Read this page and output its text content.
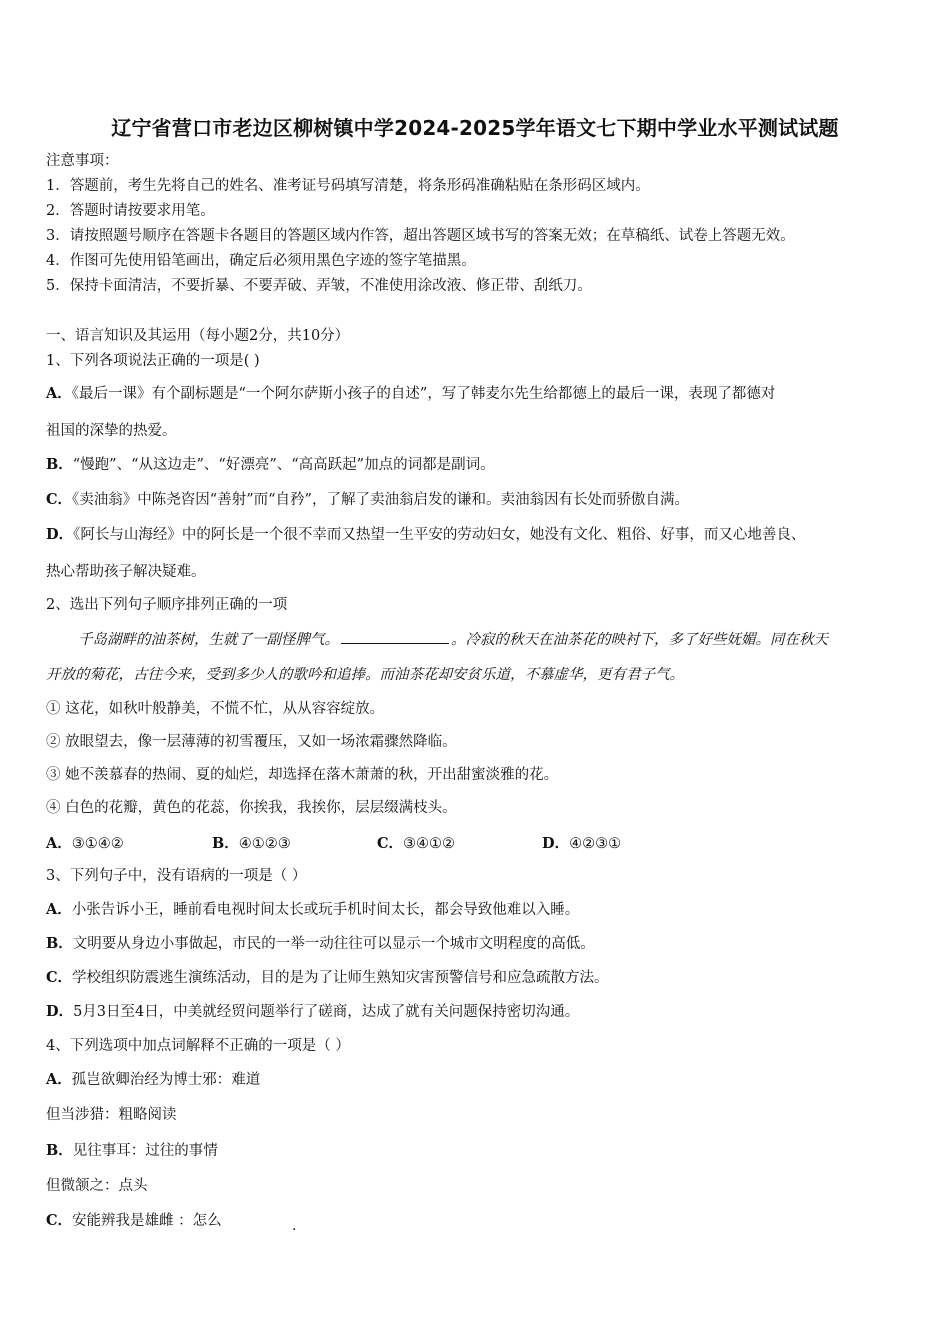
辽宁省营口市老边区柳树镇中学2024-2025学年语文七下期中学业水平测试试题
注意事项：
1．答题前，考生先将自己的姓名、准考证号码填写清楚，将条形码准确粘贴在条形码区域内。
2．答题时请按要求用笔。
3．请按照题号顺序在答题卡各题目的答题区域内作答，超出答题区域书写的答案无效；在草稿纸、试卷上答题无效。
4．作图可先使用铅笔画出，确定后必须用黑色字迹的签字笔描黑。
5．保持卡面清洁，不要折暴、不要弄破、弄皱，不准使用涂改液、修正带、刮纸刀。
一、语言知识及其运用（每小题2分，共10分）
1、下列各项说法正确的一项是( )
A．《最后一课》有个副标题是“一个阿尔萨斯小孩子的自述”，写了韩麦尔先生给都德上的最后一课，表现了都德对
祖国的深挚的热爱。
B．“慢跑”、“从这边走”、“好漂亮”、“高高跃起”加点的词都是副词。
C．《卖油翁》中陈尧咨因“善射”而“自矜”，了解了卖油翁启发的谦和。卖油翁因有长处而骄傲自满。
D．《阿长与山海经》中的阿长是一个很不幸而又热望一生平安的劳动妇女，她没有文化、粗俗、好事，而又心地善良、
热心帮助孩子解决疑难。
2、选出下列句子顺序排列正确的一项
千岛湖畔的油茶树，生就了一副怪脾气。	。冷寂的秋天在油茶花的映衬下，多了好些妩媚。同在秋天
开放的菊花，古往今来，受到多少人的歌吟和追捧。而油茶花却安贫乐道，不慕虚华，更有君子气。
① 这花，如秋叶般静美，不慌不忙，从从容容绽放。
② 放眼望去，像一层薄薄的初雪覆压，又如一场浓霜骤然降临。
③ 她不羡慕春的热闹、夏的灿烂，却选择在落木萧萧的秋，开出甜蜜淡雅的花。
④ 白色的花瓣，黄色的花蕊，你挨我，我挨你，层层缀满枝头。
A．③①④②	B．④①②③	C．③④①②	D．④②③①
3、下列句子中，没有语病的一项是（ ）
A．小张告诉小王，睡前看电视时间太长或玩手机时间太长，都会导致他难以入睡。
B．文明要从身边小事做起，市民的一举一动往往可以显示一个城市文明程度的高低。
C．学校组织防震逃生演练活动，目的是为了让师生熟知灾害预警信号和应急疏散方法。
D．5月3日至4日，中美就经贸问题举行了磋商，达成了就有关问题保持密切沟通。
4、下列选项中加点词解释不正确的一项是（ ）
A．孤岂欲卿治经为博士邪：难道
但当涉猎：粗略阅读
B．见往事耳：过往的事情
但微颔之：点头
C．安能辨我是雄雌 ：怎么	.
